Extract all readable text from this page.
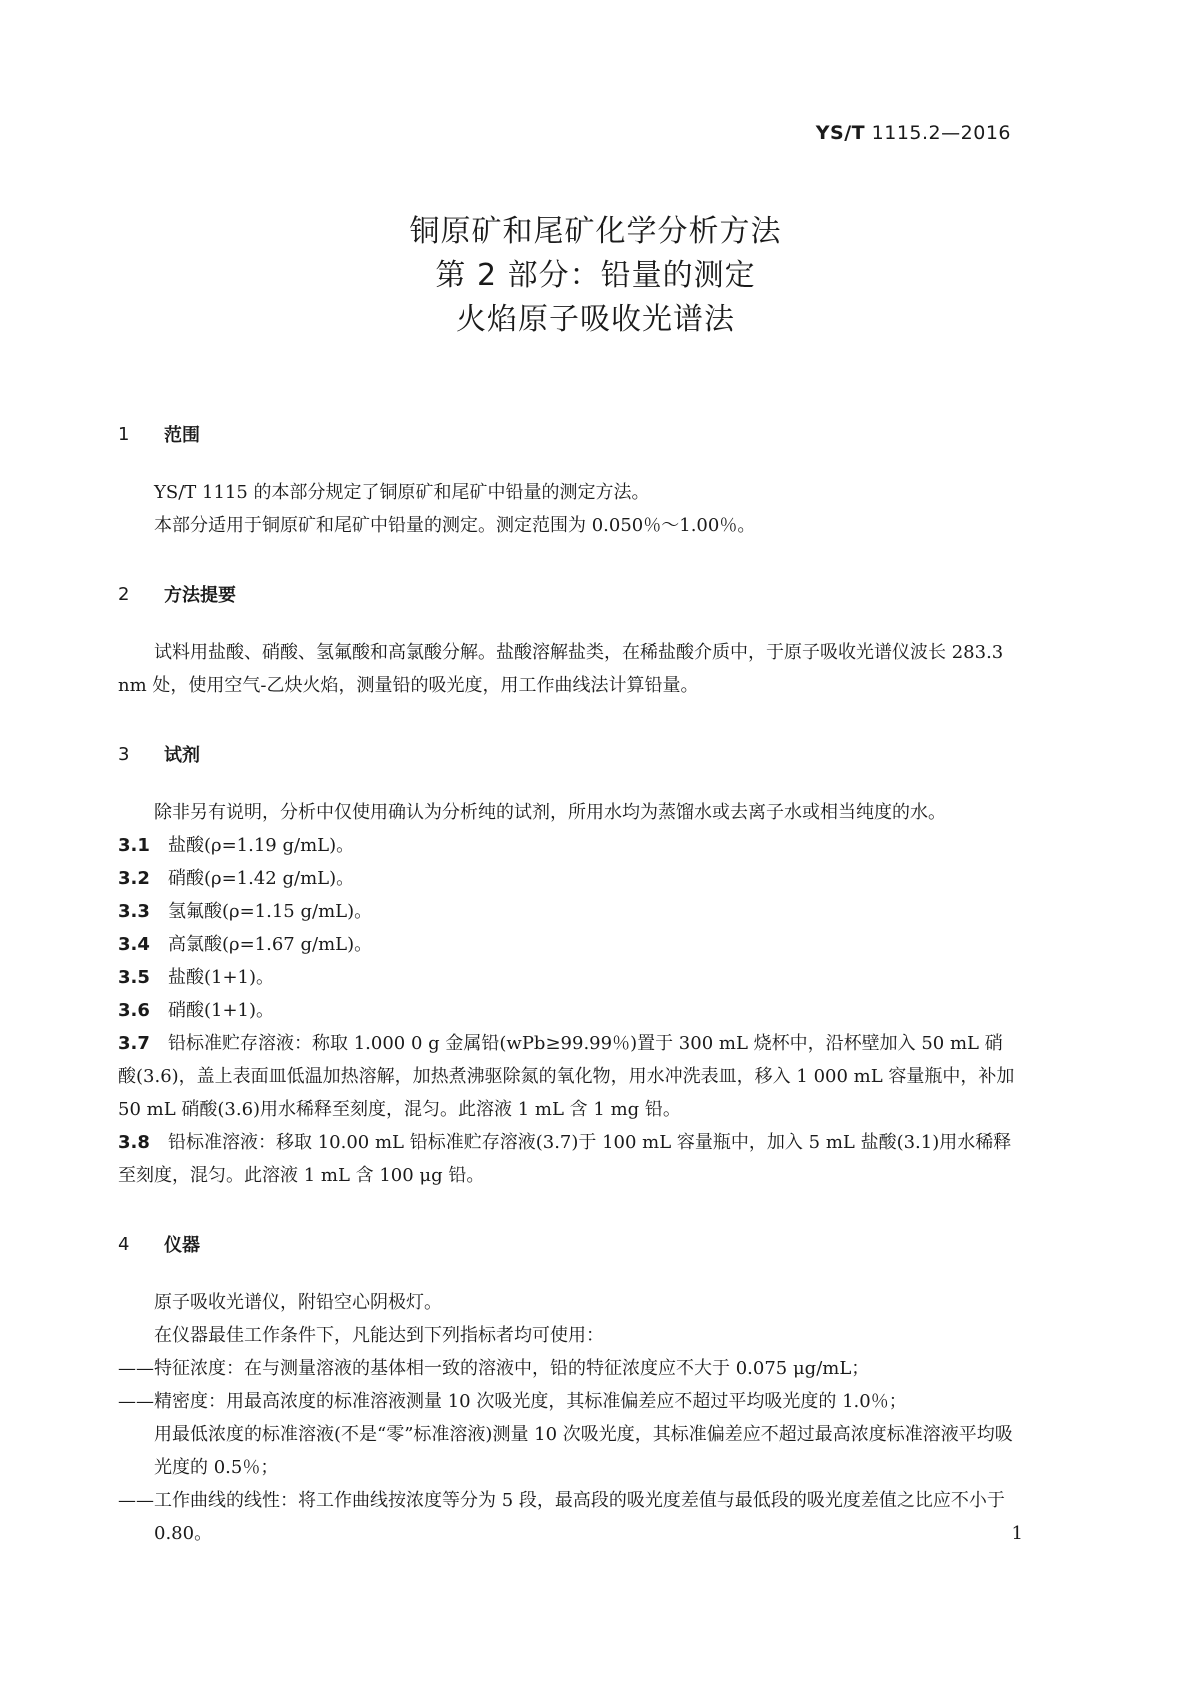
YS/T 1115.2—2016
铜原矿和尾矿化学分析方法
第 2 部分：铅量的测定
火焰原子吸收光谱法
1	范围
YS/T 1115 的本部分规定了铜原矿和尾矿中铅量的测定方法。
本部分适用于铜原矿和尾矿中铅量的测定。测定范围为 0.050％～1.00％。
2	方法提要
试料用盐酸、硝酸、氢氟酸和高氯酸分解。盐酸溶解盐类，在稀盐酸介质中，于原子吸收光谱仪波长 283.3 nm 处，使用空气-乙炔火焰，测量铅的吸光度，用工作曲线法计算铅量。
3	试剂
除非另有说明，分析中仅使用确认为分析纯的试剂，所用水均为蒸馏水或去离子水或相当纯度的水。
3.1 盐酸(ρ=1.19 g/mL)。
3.2 硝酸(ρ=1.42 g/mL)。
3.3 氢氟酸(ρ=1.15 g/mL)。
3.4 高氯酸(ρ=1.67 g/mL)。
3.5 盐酸(1+1)。
3.6 硝酸(1+1)。
3.7 铅标准贮存溶液：称取 1.000 0 g 金属铅(wPb≥99.99％)置于 300 mL 烧杯中，沿杯壁加入 50 mL 硝酸(3.6)，盖上表面皿低温加热溶解，加热煮沸驱除氮的氧化物，用水冲洗表皿，移入 1 000 mL 容量瓶中，补加 50 mL 硝酸(3.6)用水稀释至刻度，混匀。此溶液 1 mL 含 1 mg 铅。
3.8 铅标准溶液：移取 10.00 mL 铅标准贮存溶液(3.7)于 100 mL 容量瓶中，加入 5 mL 盐酸(3.1)用水稀释至刻度，混匀。此溶液 1 mL 含 100 μg 铅。
4	仪器
原子吸收光谱仪，附铅空心阴极灯。
在仪器最佳工作条件下，凡能达到下列指标者均可使用：
—— 特征浓度：在与测量溶液的基体相一致的溶液中，铅的特征浓度应不大于 0.075 μg/mL；
—— 精密度：用最高浓度的标准溶液测量 10 次吸光度，其标准偏差应不超过平均吸光度的 1.0％；
用最低浓度的标准溶液(不是“零”标准溶液)测量 10 次吸光度，其标准偏差应不超过最高浓度标准溶液平均吸光度的 0.5％；
—— 工作曲线的线性：将工作曲线按浓度等分为 5 段，最高段的吸光度差值与最低段的吸光度差值之比应不小于 0.80。	1
